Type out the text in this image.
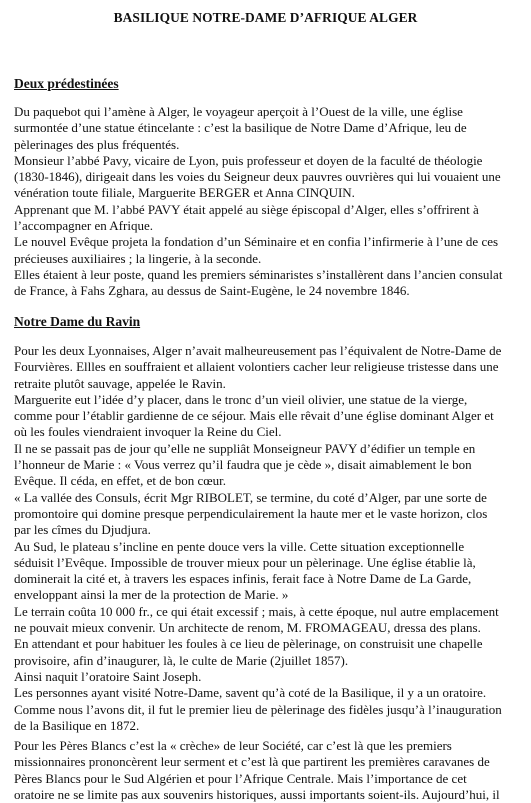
BASILIQUE NOTRE-DAME D’AFRIQUE ALGER
Deux prédestinées
Du paquebot qui l’amène à Alger, le voyageur aperçoit à l’Ouest de la ville, une église
surmontée d’une statue étincelante : c’est la basilique de Notre Dame d’Afrique, leu de
pèlerinages des plus fréquentés.
Monsieur l’abbé Pavy, vicaire de Lyon, puis professeur et doyen de la faculté de théologie
(1830-1846), dirigeait dans les voies du Seigneur deux pauvres ouvrières qui lui vouaient une
vénération toute filiale, Marguerite BERGER et Anna CINQUIN.
Apprenant que M. l’abbé PAVY était appelé au siège épiscopal d’Alger, elles s’offrirent à
l’accompagner en Afrique.
Le nouvel Evêque projeta la fondation d’un Séminaire et en confia l’infirmerie à l’une de ces
précieuses auxiliaires ; la lingerie, à la seconde.
Elles étaient à leur poste, quand les premiers séminaristes s’installèrent dans l’ancien consulat
de France, à Fahs Zghara, au dessus de Saint-Eugène, le 24 novembre 1846.
Notre Dame du Ravin
Pour les deux Lyonnaises, Alger n’avait malheureusement pas l’équivalent de Notre-Dame de
Fourvières. Ellles en souffraient et allaient volontiers cacher leur religieuse tristesse dans une
retraite plutôt sauvage, appelée le Ravin.
Marguerite eut l’idée d’y placer, dans le tronc d’un vieil olivier, une statue de la vierge,
comme pour l’établir gardienne de ce séjour. Mais elle rêvait d’une église dominant Alger et
où les foules viendraient invoquer la Reine du Ciel.
Il ne se passait pas de jour qu’elle ne suppliât Monseigneur PAVY d’édifier un temple en
l’honneur de Marie : « Vous verrez qu’il faudra que je cède », disait aimablement le bon
Evêque. Il céda, en effet, et de bon cœur.
« La vallée des Consuls, écrit Mgr RIBOLET, se termine, du coté d’Alger, par une sorte de
promontoire qui domine presque perpendiculairement la haute mer et le vaste horizon, clos
par les cîmes du Djudjura.
Au Sud, le plateau s’incline en pente douce vers la ville. Cette situation exceptionnelle
séduisit l’Evêque. Impossible de trouver mieux pour un pèlerinage. Une église établie là,
dominerait la cité et, à travers les espaces infinis, ferait face à Notre Dame de La Garde,
enveloppant ainsi la mer de la protection de Marie. »
Le terrain coûta 10 000 fr., ce qui était excessif ; mais, à cette époque, nul autre emplacement
ne pouvait mieux convenir. Un architecte de renom, M. FROMAGEAU, dressa des plans.
En attendant et pour habituer les foules à ce lieu de pèlerinage, on construisit une chapelle
provisoire, afin d’inaugurer, là, le culte de Marie (2juillet 1857).
Ainsi naquit l’oratoire Saint Joseph.
Les personnes ayant visité Notre-Dame, savent qu’à coté de la Basilique, il y a un oratoire.
Comme nous l’avons dit, il fut le premier lieu de pèlerinage des fidèles jusqu’à l’inauguration
de la Basilique en 1872.
Pour les Pères Blancs c’est la « crèche» de leur Société, car c’est là que les premiers
missionnaires prononcèrent leur serment et c’est là que partirent les premières caravanes de
Pères Blancs pour le Sud Algérien et pour l’Afrique Centrale. Mais l’importance de cet
oratoire ne se limite pas aux souvenirs historiques, aussi importants soient-ils. Aujourd’hui, il
